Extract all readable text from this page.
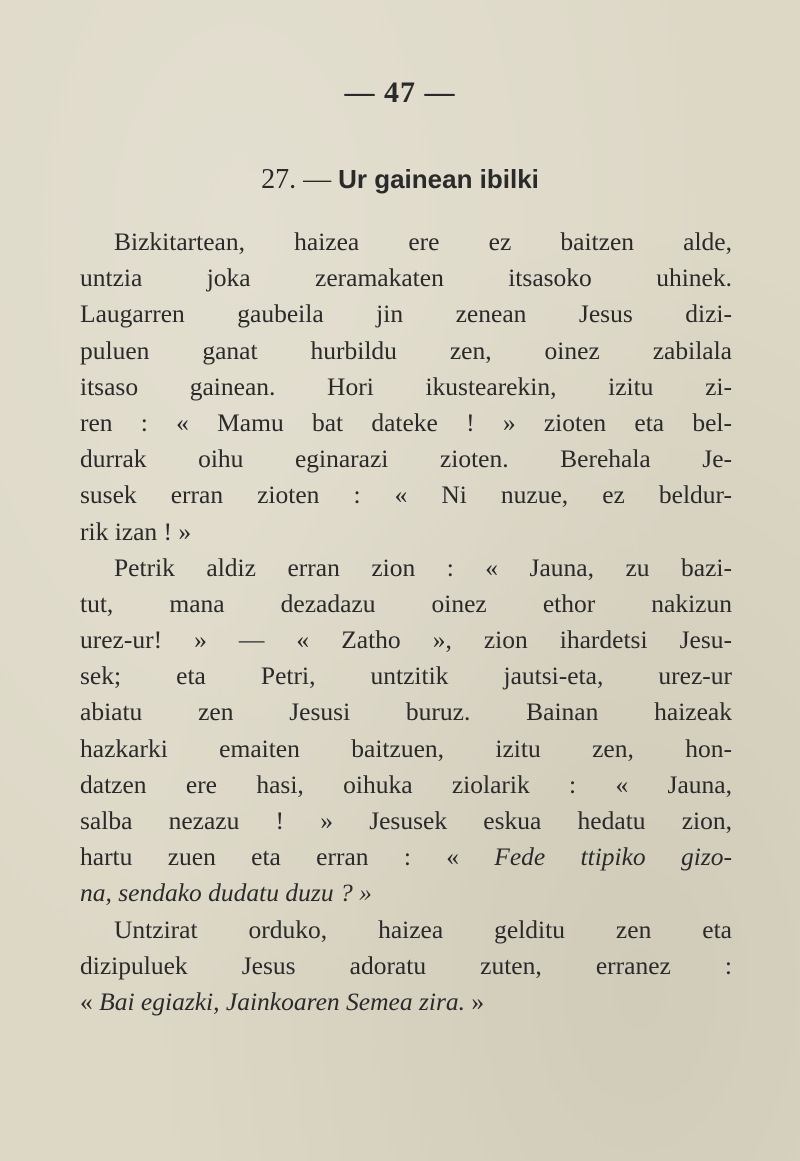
— 47 —
27. — Ur gainean ibilki
Bizkitartean, haizea ere ez baitzen alde,
untzia joka zeramakaten itsasoko uhinek.
Laugarren gaubeila jin zenean Jesus dizi-
puluen ganat hurbildu zen, oinez zabilala
itsaso gainean. Hori ikustearekin, izitu zi-
ren : « Mamu bat dateke ! » zioten eta bel-
durrak oihu eginarazi zioten. Berehala Je-
susek erran zioten : « Ni nuzue, ez beldur-
rik izan ! »
Petrik aldiz erran zion : « Jauna, zu bazi-
tut, mana dezadazu oinez ethor nakizun
urez-ur! » — « Zatho », zion ihardetsi Jesu-
sek; eta Petri, untzitik jautsi-eta, urez-ur
abiatu zen Jesusi buruz. Bainan haizeak
hazkarki emaiten baitzuen, izitu zen, hon-
datzen ere hasi, oihuka ziolarik : « Jauna,
salba nezazu ! » Jesusek eskua hedatu zion,
hartu zuen eta erran : « Fede ttipiko gizo-
na, sendako dudatu duzu ? »
Untzirat orduko, haizea gelditu zen eta
dizipuluek Jesus adoratu zuten, erranez :
« Bai egiazki, Jainkoaren Semea zira. »
